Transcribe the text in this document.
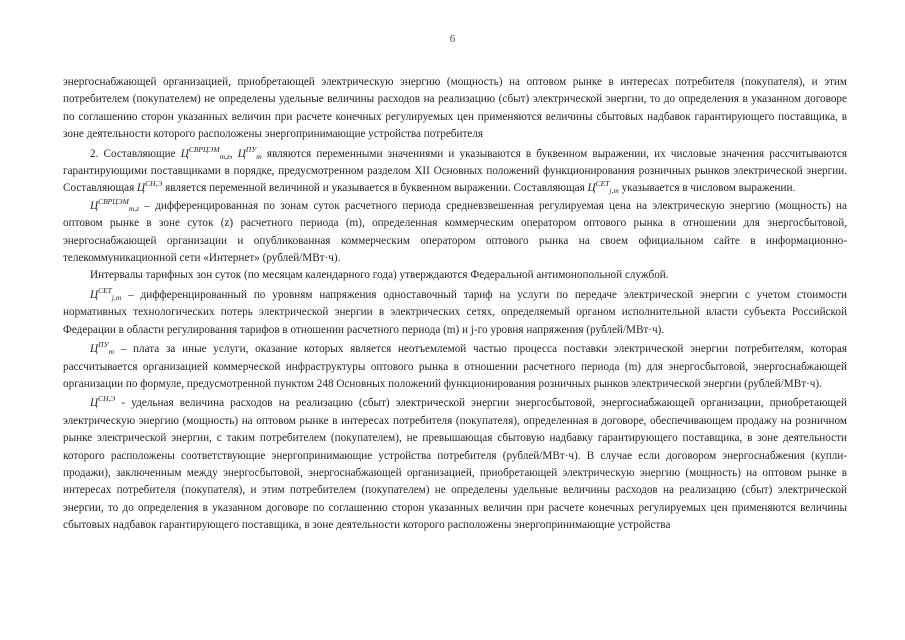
6

энергоснабжающей организацией, приобретающей электрическую энергию (мощность) на оптовом рынке в интересах потребителя (покупателя), и этим потребителем (покупателем) не определены удельные величины расходов на реализацию (сбыт) электрической энергии, то до определения в указанном договоре по соглашению сторон указанных величин при расчете конечных регулируемых цен применяются величины сбытовых надбавок гарантирующего поставщика, в зоне деятельности которого расположены энергопринимающие устройства потребителя

2. Составляющие $Ц^{СВРЦЭМ}_{m,z}$, $Ц^{ПУ}_m$ являются переменными значениями и указываются в буквенном выражении, их числовые значения рассчитываются гарантирующими поставщиками в порядке, предусмотренном разделом XII Основных положений функционирования розничных рынков электрической энергии. Составляющая $Ц^{СН,Э}$ является переменной величиной и указывается в буквенном выражении. Составляющая $Ц^{СЕТ}_{j,m}$ указывается в числовом выражении.

$Ц^{СВРЦЭМ}_{m,z}$ – дифференцированная по зонам суток расчетного периода средневзвешенная регулируемая цена на электрическую энергию (мощность) на оптовом рынке в зоне суток (z) расчетного периода (m), определенная коммерческим оператором оптового рынка в отношении для энергосбытовой, энергоснабжающей организации и опубликованная коммерческим оператором оптового рынка на своем официальном сайте в информационно-телекоммуникационной сети «Интернет» (рублей/МВт·ч).

Интервалы тарифных зон суток (по месяцам календарного года) утверждаются Федеральной антимонопольной службой.

$Ц^{СЕТ}_{j,m}$ – дифференцированный по уровням напряжения одноставочный тариф на услуги по передаче электрической энергии с учетом стоимости нормативных технологических потерь электрической энергии в электрических сетях, определяемый органом исполнительной власти субъекта Российской Федерации в области регулирования тарифов в отношении расчетного периода (m) и j-го уровня напряжения (рублей/МВт·ч).

$Ц^{ПУ}_m$ – плата за иные услуги, оказание которых является неотъемлемой частью процесса поставки электрической энергии потребителям, которая рассчитывается организацией коммерческой инфраструктуры оптового рынка в отношении расчетного периода (m) для энергосбытовой, энергоснабжающей организации по формуле, предусмотренной пунктом 248 Основных положений функционирования розничных рынков электрической энергии (рублей/МВт·ч).

$Ц^{СН,Э}$ - удельная величина расходов на реализацию (сбыт) электрической энергии энергосбытовой, энергоснабжающей организации, приобретающей электрическую энергию (мощность) на оптовом рынке в интересах потребителя (покупателя), определенная в договоре, обеспечивающем продажу на розничном рынке электрической энергии, с таким потребителем (покупателем), не превышающая сбытовую надбавку гарантирующего поставщика, в зоне деятельности которого расположены соответствующие энергопринимающие устройства потребителя (рублей/МВт·ч). В случае если договором энергоснабжения (купли-продажи), заключенным между энергосбытовой, энергоснабжающей организацией, приобретающей электрическую энергию (мощность) на оптовом рынке в интересах потребителя (покупателя), и этим потребителем (покупателем) не определены удельные величины расходов на реализацию (сбыт) электрической энергии, то до определения в указанном договоре по соглашению сторон указанных величин при расчете конечных регулируемых цен применяются величины сбытовых надбавок гарантирующего поставщика, в зоне деятельности которого расположены энергопринимающие устройства
